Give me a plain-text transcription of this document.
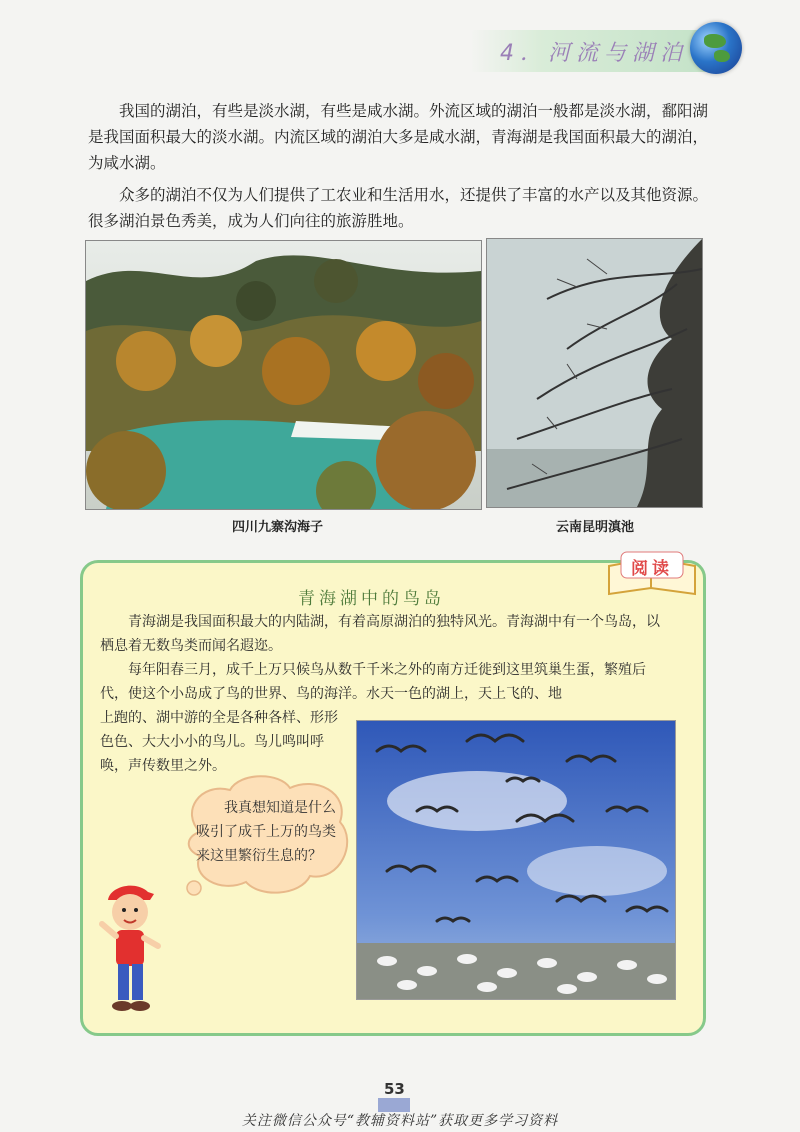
4．河流与湖泊

我国的湖泊，有些是淡水湖，有些是咸水湖。外流区域的湖泊一般都是淡水湖，鄱阳湖是我国面积最大的淡水湖。内流区域的湖泊大多是咸水湖，青海湖是我国面积最大的湖泊，为咸水湖。

众多的湖泊不仅为人们提供了工农业和生活用水，还提供了丰富的水产以及其他资源。很多湖泊景色秀美，成为人们向往的旅游胜地。

四川九寨沟海子	云南昆明滇池
阅读
青海湖中的鸟岛

青海湖是我国面积最大的内陆湖，有着高原湖泊的独特风光。青海湖中有一个鸟岛，以栖息着无数鸟类而闻名遐迩。

每年阳春三月，成千上万只候鸟从数千千米之外的南方迁徙到这里筑巢生蛋，繁殖后代，使这个小岛成了鸟的世界、鸟的海洋。水天一色的湖上，天上飞的、地

上跑的、湖中游的全是各种各样、形形色色、大大小小的鸟儿。鸟儿鸣叫呼唤，声传数里之外。
我真想知道是什么吸引了成千上万的鸟类来这里繁衍生息的？
53
关注微信公众号“教辅资料站”获取更多学习资料
